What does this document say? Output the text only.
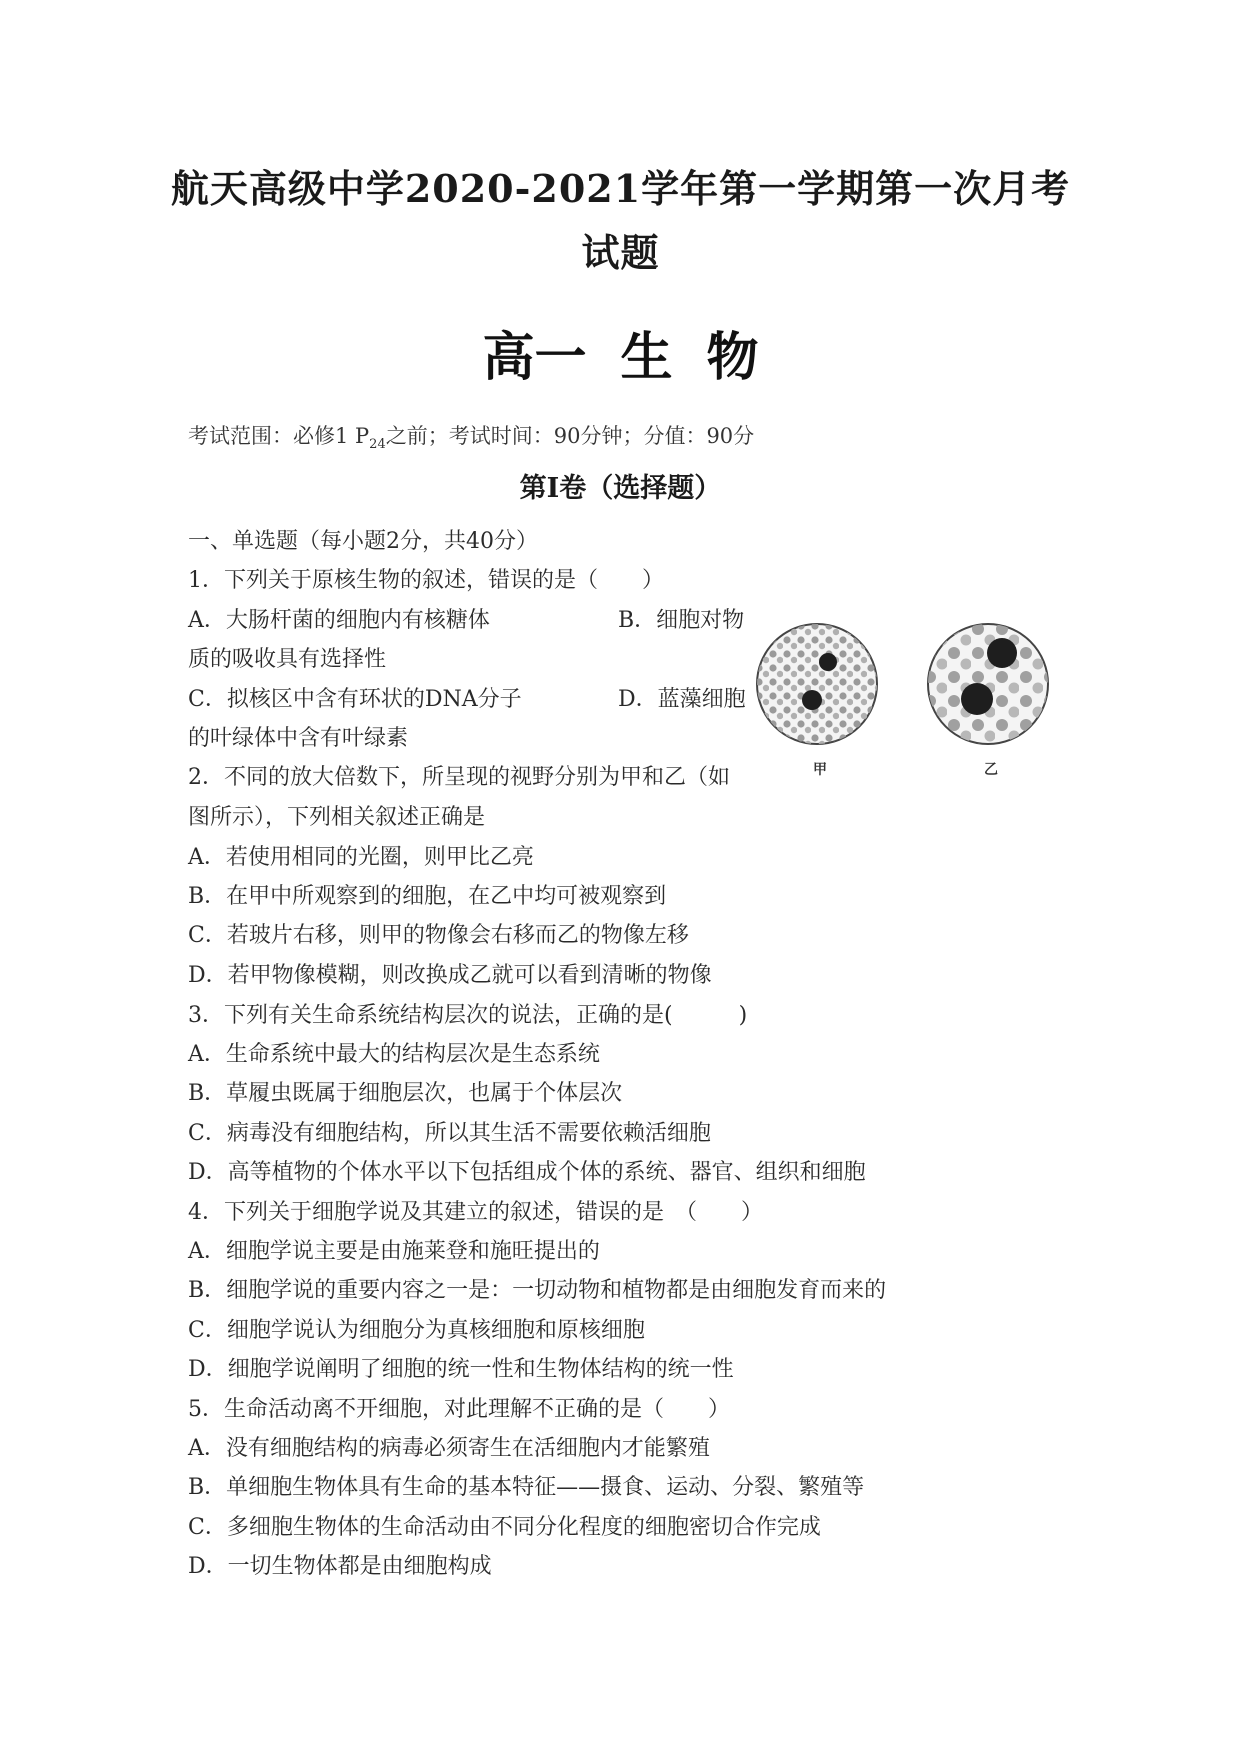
航天高级中学2020-2021学年第一学期第一次月考
试题
高一 生 物
考试范围：必修1 $P_{24}$之前；考试时间：90分钟；分值：90分
第Ⅰ卷（选择题）
一、单选题（每小题2分，共40分）
1．下列关于原核生物的叙述，错误的是（　　）
A．大肠杆菌的细胞内有核糖体	B．细胞对物
质的吸收具有选择性
C．拟核区中含有环状的DNA分子	D．蓝藻细胞
的叶绿体中含有叶绿素
甲	乙
2．不同的放大倍数下，所呈现的视野分别为甲和乙（如
图所示），下列相关叙述正确是
A．若使用相同的光圈，则甲比乙亮
B．在甲中所观察到的细胞，在乙中均可被观察到
C．若玻片右移，则甲的物像会右移而乙的物像左移
D．若甲物像模糊，则改换成乙就可以看到清晰的物像
3．下列有关生命系统结构层次的说法，正确的是(　　　)
A．生命系统中最大的结构层次是生态系统
B．草履虫既属于细胞层次，也属于个体层次
C．病毒没有细胞结构，所以其生活不需要依赖活细胞
D．高等植物的个体水平以下包括组成个体的系统、器官、组织和细胞
4．下列关于细胞学说及其建立的叙述，错误的是　（　　）
A．细胞学说主要是由施莱登和施旺提出的
B．细胞学说的重要内容之一是：一切动物和植物都是由细胞发育而来的
C．细胞学说认为细胞分为真核细胞和原核细胞
D．细胞学说阐明了细胞的统一性和生物体结构的统一性
5．生命活动离不开细胞，对此理解不正确的是（　　）
A．没有细胞结构的病毒必须寄生在活细胞内才能繁殖
B．单细胞生物体具有生命的基本特征——摄食、运动、分裂、繁殖等
C．多细胞生物体的生命活动由不同分化程度的细胞密切合作完成
D．一切生物体都是由细胞构成
